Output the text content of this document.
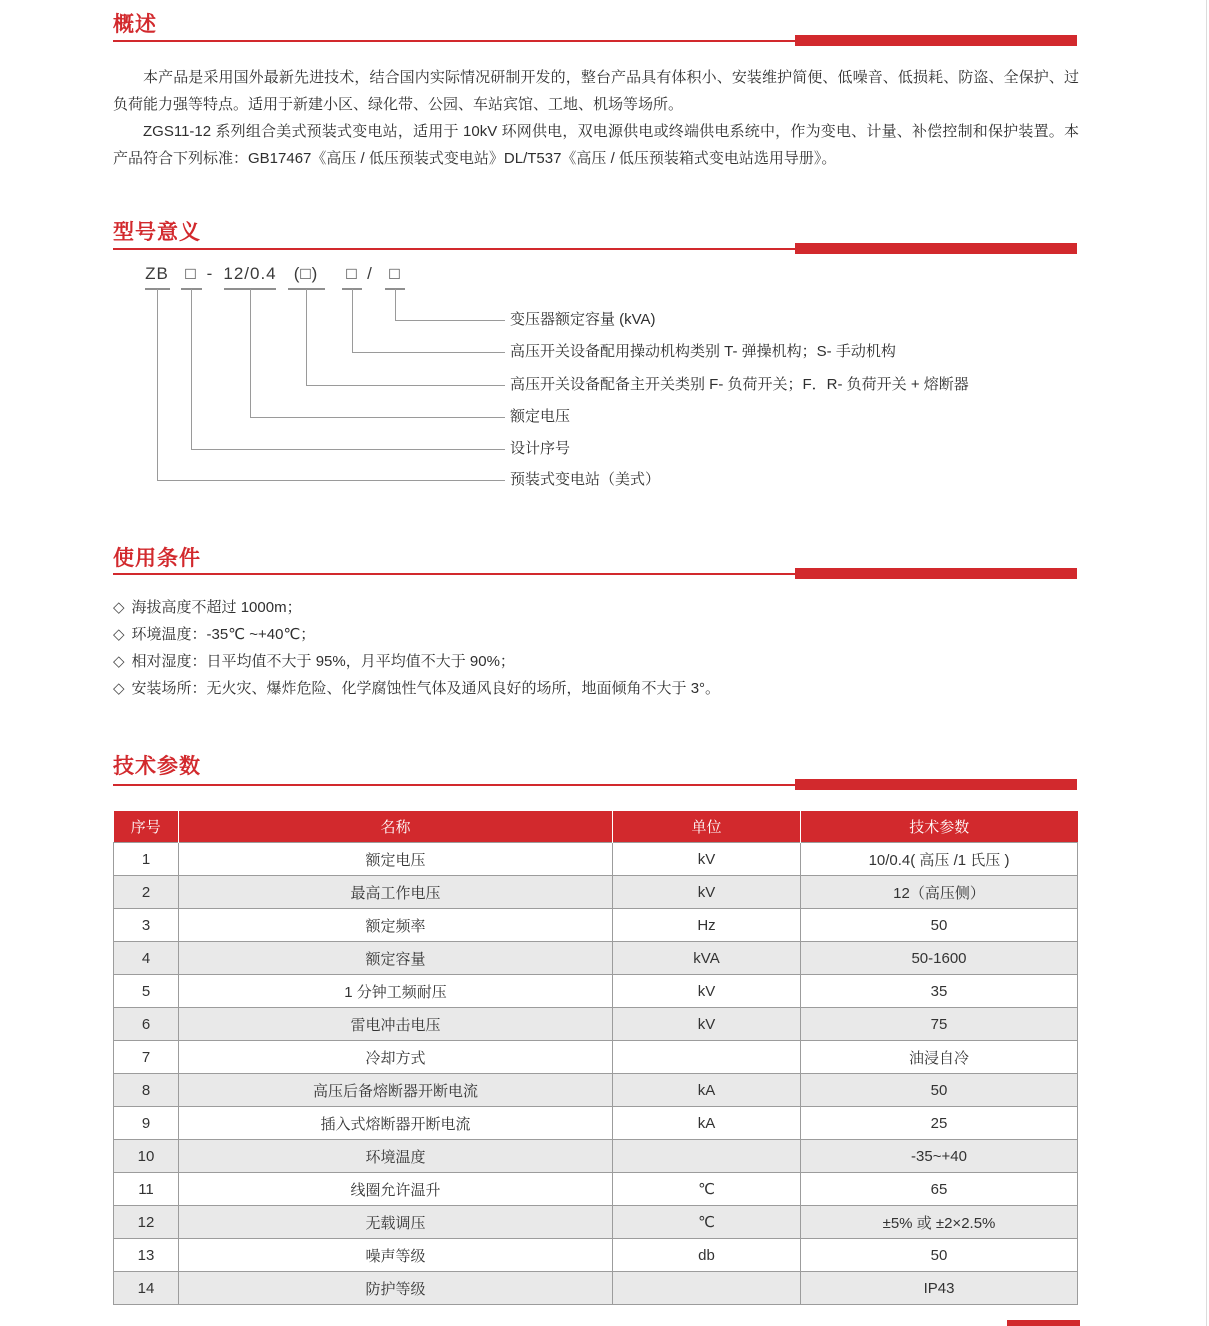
概述

本产品是采用国外最新先进技术，结合国内实际情况研制开发的，整台产品具有体积小、安装维护简便、低噪音、低损耗、防盗、全保护、过负荷能力强等特点。适用于新建小区、绿化带、公园、车站宾馆、工地、机场等场所。

ZGS11-12 系列组合美式预装式变电站，适用于 10kV 环网供电，双电源供电或终端供电系统中，作为变电、计量、补偿控制和保护装置。本产品符合下列标准：GB17467《高压 / 低压预装式变电站》DL/T537《高压 / 低压预装箱式变电站选用导册》。

型号意义
ZB □ - 12/0.4 (□) □ / □
变压器额定容量 (kVA)
高压开关设备配用操动机构类别 T- 弹操机构；S- 手动机构
高压开关设备配备主开关类别 F- 负荷开关；F．R- 负荷开关 + 熔断器
额定电压
设计序号
预装式变电站（美式）
使用条件
◇ 海拔高度不超过 1000m；
◇ 环境温度：-35℃ ~+40℃；
◇ 相对湿度：日平均值不大于 95%，月平均值不大于 90%；
◇ 安装场所：无火灾、爆炸危险、化学腐蚀性气体及通风良好的场所，地面倾角不大于 3°。
技术参数
序号	名称	单位	技术参数
1	额定电压	kV	10/0.4( 高压 /1 氏压 )
2	最高工作电压	kV	12（高压侧）
3	额定频率	Hz	50
4	额定容量	kVA	50-1600
5	1 分钟工频耐压	kV	35
6	雷电冲击电压	kV	75
7	冷却方式		油浸自冷
8	高压后备熔断器开断电流	kA	50
9	插入式熔断器开断电流	kA	25
10	环境温度		-35~+40
11	线圈允许温升	℃	65
12	无载调压	℃	±5% 或 ±2×2.5%
13	噪声等级	db	50
14	防护等级		IP43
